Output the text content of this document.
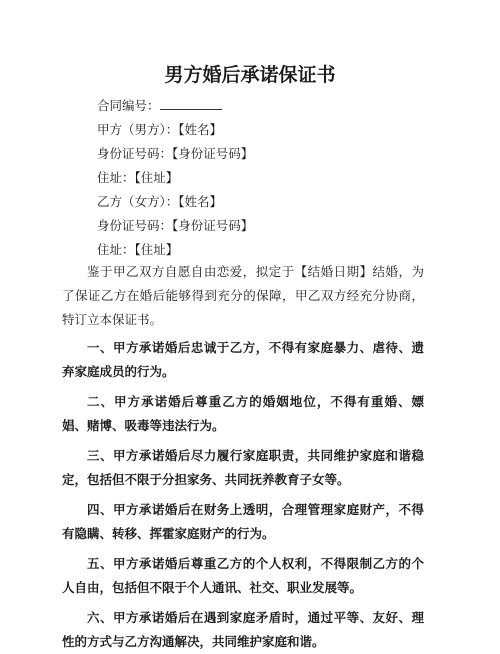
男方婚后承诺保证书
合同编号：
甲方（男方）：【姓名】
身份证号码：【身份证号码】
住址：【住址】
乙方（女方）：【姓名】
身份证号码：【身份证号码】
住址：【住址】

鉴于甲乙双方自愿自由恋爱，拟定于【结婚日期】结婚，为了保证乙方在婚后能够得到充分的保障，甲乙双方经充分协商，特订立本保证书。

一、甲方承诺婚后忠诚于乙方，不得有家庭暴力、虐待、遗弃家庭成员的行为。

二、甲方承诺婚后尊重乙方的婚姻地位，不得有重婚、嫖娼、赌博、吸毒等违法行为。

三、甲方承诺婚后尽力履行家庭职责，共同维护家庭和谐稳定，包括但不限于分担家务、共同抚养教育子女等。

四、甲方承诺婚后在财务上透明，合理管理家庭财产，不得有隐瞒、转移、挥霍家庭财产的行为。

五、甲方承诺婚后尊重乙方的个人权利，不得限制乙方的个人自由，包括但不限于个人通讯、社交、职业发展等。

六、甲方承诺婚后在遇到家庭矛盾时，通过平等、友好、理性的方式与乙方沟通解决，共同维护家庭和谐。
